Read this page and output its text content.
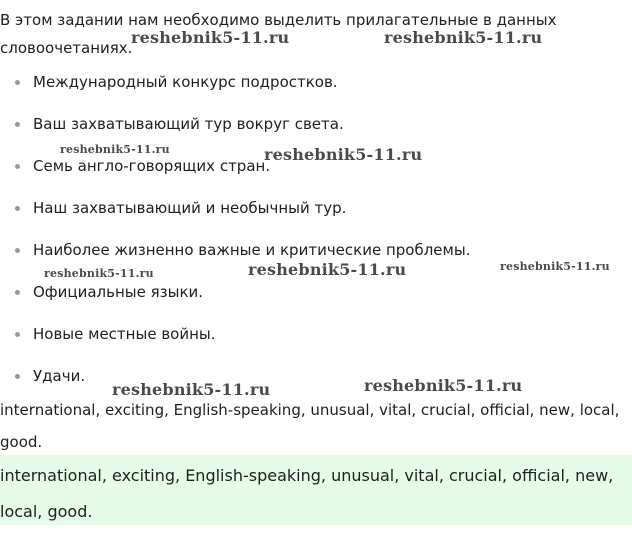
В этом задании нам необходимо выделить прилагательные в данных словоочетаниях.

Международный конкурс подростков.
Ваш захватывающий тур вокруг света.
Семь англо-говорящих стран.
Наш захватывающий и необычный тур.
Наиболее жизненно важные и критические проблемы.
Официальные языки.
Новые местные войны.
Удачи.

international, exciting, English-speaking, unusual, vital, crucial, official, new, local, good.

international, exciting, English-speaking, unusual, vital, crucial, official, new, local, good.

reshebnik5-11.ru	reshebnik5-11.ru
reshebnik5-11.ru	reshebnik5-11.ru
reshebnik5-11.ru	reshebnik5-11.ru	reshebnik5-11.ru
reshebnik5-11.ru	reshebnik5-11.ru
